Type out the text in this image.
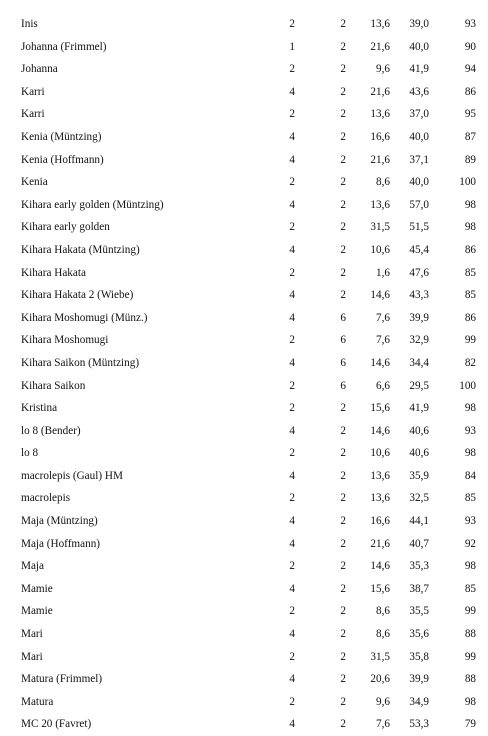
Inis	2	2	13,6	39,0	93
Johanna (Frimmel)	1	2	21,6	40,0	90
Johanna	2	2	9,6	41,9	94
Karri	4	2	21,6	43,6	86
Karri	2	2	13,6	37,0	95
Kenia (Müntzing)	4	2	16,6	40,0	87
Kenia (Hoffmann)	4	2	21,6	37,1	89
Kenia	2	2	8,6	40,0	100
Kihara early golden (Müntzing)	4	2	13,6	57,0	98
Kihara early golden	2	2	31,5	51,5	98
Kihara Hakata (Müntzing)	4	2	10,6	45,4	86
Kihara Hakata	2	2	1,6	47,6	85
Kihara Hakata 2 (Wiebe)	4	2	14,6	43,3	85
Kihara Moshomugi (Münz.)	4	6	7,6	39,9	86
Kihara Moshomugi	2	6	7,6	32,9	99
Kihara Saikon (Müntzing)	4	6	14,6	34,4	82
Kihara Saikon	2	6	6,6	29,5	100
Kristina	2	2	15,6	41,9	98
lo 8 (Bender)	4	2	14,6	40,6	93
lo 8	2	2	10,6	40,6	98
macrolepis (Gaul) HM	4	2	13,6	35,9	84
macrolepis	2	2	13,6	32,5	85
Maja (Müntzing)	4	2	16,6	44,1	93
Maja (Hoffmann)	4	2	21,6	40,7	92
Maja	2	2	14,6	35,3	98
Mamie	4	2	15,6	38,7	85
Mamie	2	2	8,6	35,5	99
Mari	4	2	8,6	35,6	88
Mari	2	2	31,5	35,8	99
Matura (Frimmel)	4	2	20,6	39,9	88
Matura	2	2	9,6	34,9	98
MC 20 (Favret)	4	2	7,6	53,3	79
